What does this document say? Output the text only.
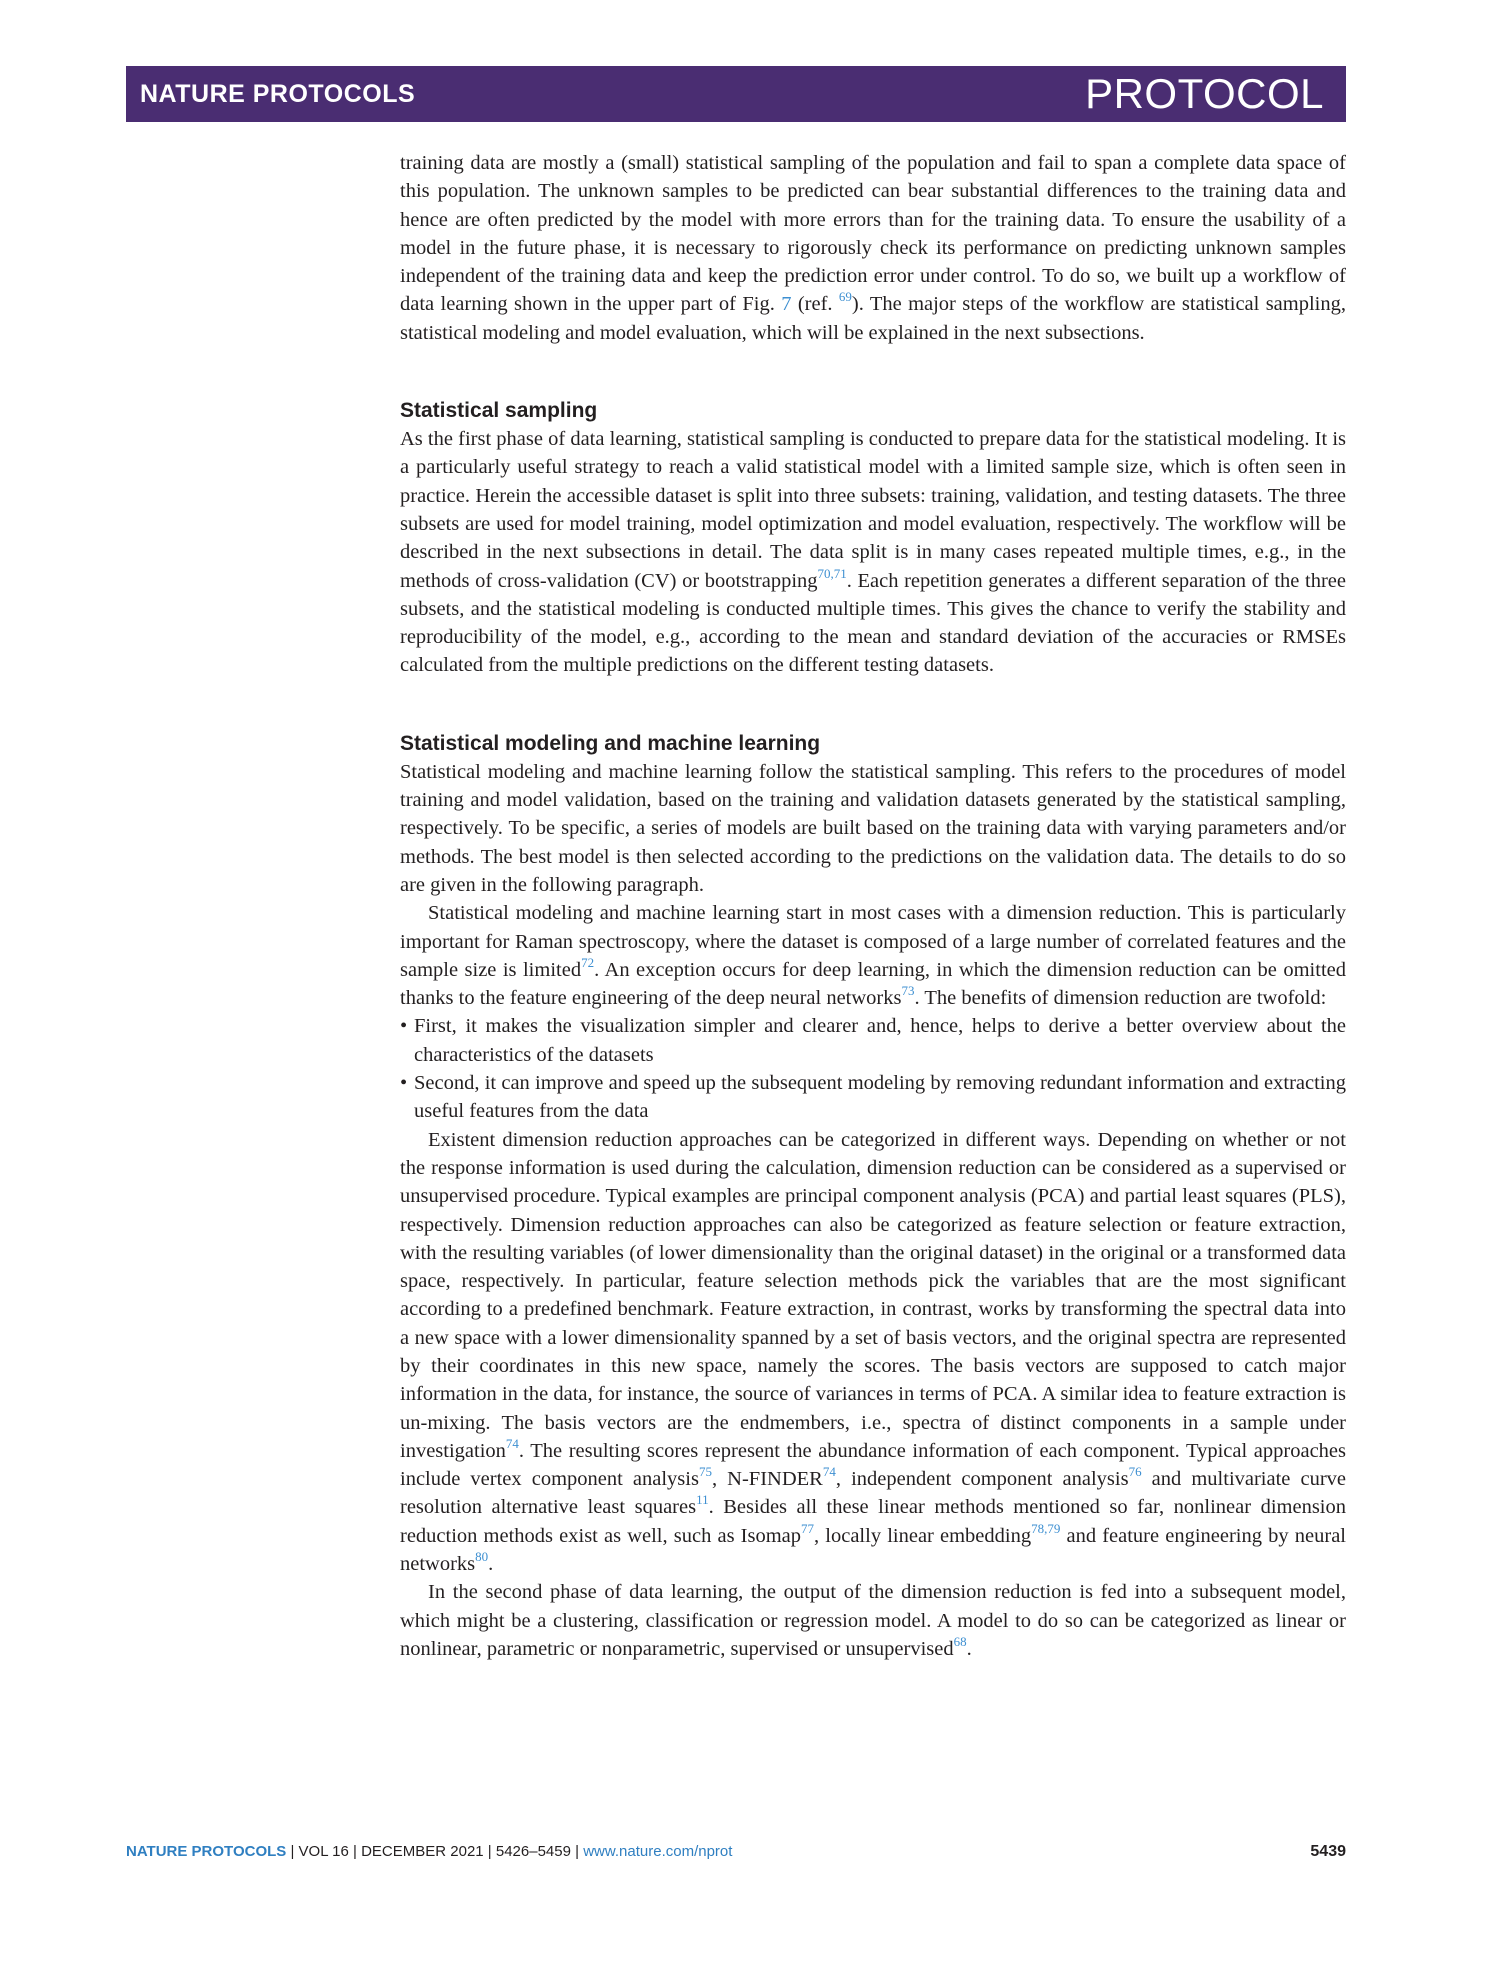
NATURE PROTOCOLS	PROTOCOL

training data are mostly a (small) statistical sampling of the population and fail to span a complete data space of this population. The unknown samples to be predicted can bear substantial differences to the training data and hence are often predicted by the model with more errors than for the training data. To ensure the usability of a model in the future phase, it is necessary to rigorously check its performance on predicting unknown samples independent of the training data and keep the prediction error under control. To do so, we built up a workflow of data learning shown in the upper part of Fig. 7 (ref. $^{69}$). The major steps of the workflow are statistical sampling, statistical modeling and model evaluation, which will be explained in the next subsections.

Statistical sampling

As the first phase of data learning, statistical sampling is conducted to prepare data for the statistical modeling. It is a particularly useful strategy to reach a valid statistical model with a limited sample size, which is often seen in practice. Herein the accessible dataset is split into three subsets: training, validation, and testing datasets. The three subsets are used for model training, model optimization and model evaluation, respectively. The workflow will be described in the next subsections in detail. The data split is in many cases repeated multiple times, e.g., in the methods of cross-validation (CV) or bootstrapping$^{70,71}$. Each repetition generates a different separation of the three subsets, and the statistical modeling is conducted multiple times. This gives the chance to verify the stability and reproducibility of the model, e.g., according to the mean and standard deviation of the accuracies or RMSEs calculated from the multiple predictions on the different testing datasets.

Statistical modeling and machine learning

Statistical modeling and machine learning follow the statistical sampling. This refers to the procedures of model training and model validation, based on the training and validation datasets generated by the statistical sampling, respectively. To be specific, a series of models are built based on the training data with varying parameters and/or methods. The best model is then selected according to the predictions on the validation data. The details to do so are given in the following paragraph.

Statistical modeling and machine learning start in most cases with a dimension reduction. This is particularly important for Raman spectroscopy, where the dataset is composed of a large number of correlated features and the sample size is limited$^{72}$. An exception occurs for deep learning, in which the dimension reduction can be omitted thanks to the feature engineering of the deep neural networks$^{73}$. The benefits of dimension reduction are twofold:

• First, it makes the visualization simpler and clearer and, hence, helps to derive a better overview about the characteristics of the datasets
• Second, it can improve and speed up the subsequent modeling by removing redundant information and extracting useful features from the data

Existent dimension reduction approaches can be categorized in different ways. Depending on whether or not the response information is used during the calculation, dimension reduction can be considered as a supervised or unsupervised procedure. Typical examples are principal component analysis (PCA) and partial least squares (PLS), respectively. Dimension reduction approaches can also be categorized as feature selection or feature extraction, with the resulting variables (of lower dimensionality than the original dataset) in the original or a transformed data space, respectively. In particular, feature selection methods pick the variables that are the most significant according to a predefined benchmark. Feature extraction, in contrast, works by transforming the spectral data into a new space with a lower dimensionality spanned by a set of basis vectors, and the original spectra are represented by their coordinates in this new space, namely the scores. The basis vectors are supposed to catch major information in the data, for instance, the source of variances in terms of PCA. A similar idea to feature extraction is un-mixing. The basis vectors are the endmembers, i.e., spectra of distinct components in a sample under investigation$^{74}$. The resulting scores represent the abundance information of each component. Typical approaches include vertex component analysis$^{75}$, N-FINDER$^{74}$, independent component analysis$^{76}$ and multivariate curve resolution alternative least squares$^{11}$. Besides all these linear methods mentioned so far, nonlinear dimension reduction methods exist as well, such as Isomap$^{77}$, locally linear embedding$^{78,79}$ and feature engineering by neural networks$^{80}$.

In the second phase of data learning, the output of the dimension reduction is fed into a subsequent model, which might be a clustering, classification or regression model. A model to do so can be categorized as linear or nonlinear, parametric or nonparametric, supervised or unsupervised$^{68}$.

NATURE PROTOCOLS | VOL 16 | DECEMBER 2021 | 5426–5459 | www.nature.com/nprot	5439
